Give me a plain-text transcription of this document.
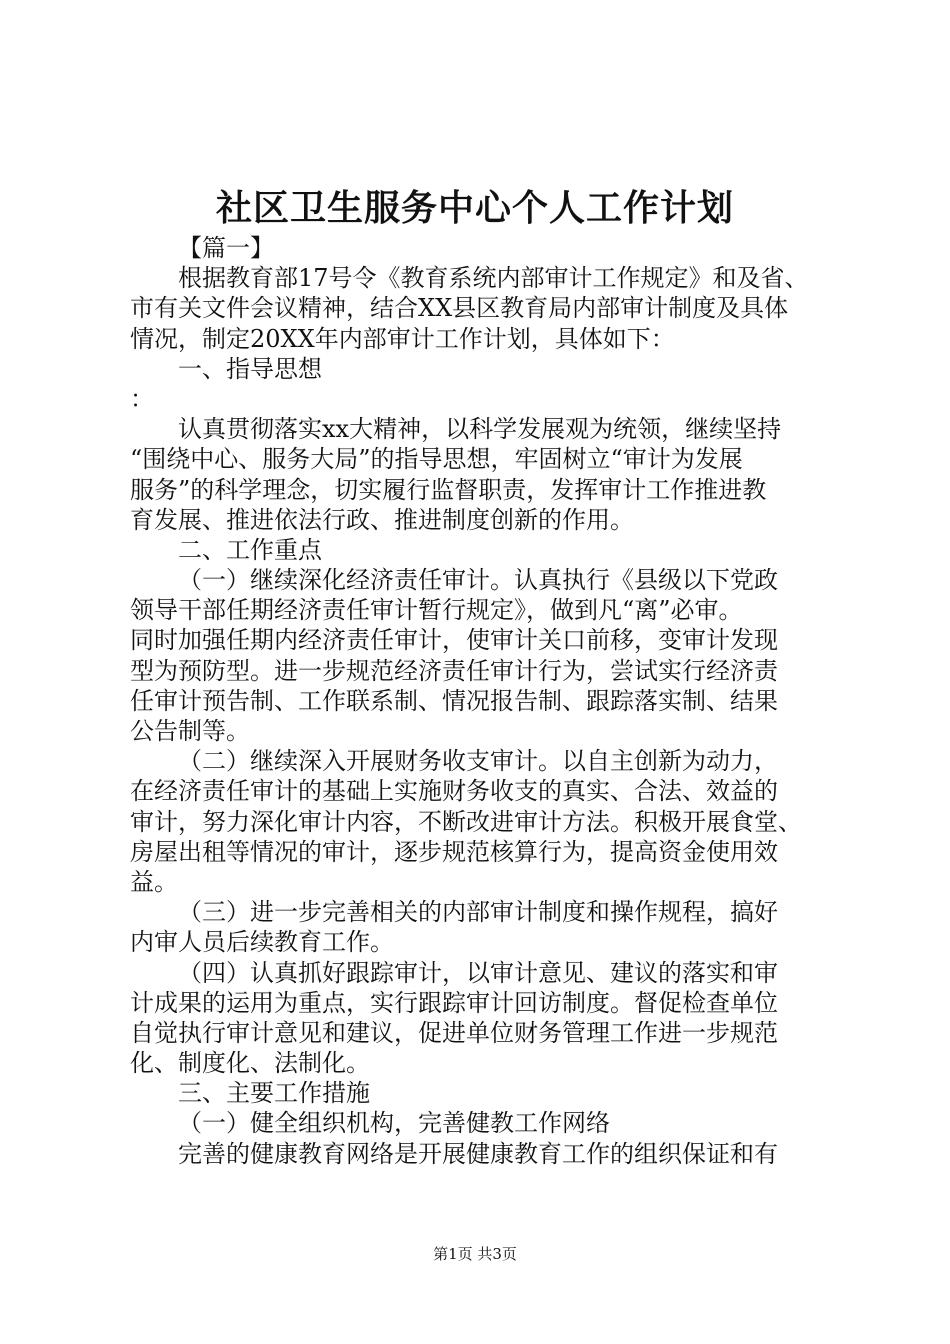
社区卫生服务中心个人工作计划
【篇一】
根据教育部17号令《教育系统内部审计工作规定》和及省、
市有关文件会议精神，结合XX县区教育局内部审计制度及具体
情况，制定20XX年内部审计工作计划，具体如下：
一、指导思想
：
认真贯彻落实xx大精神，以科学发展观为统领，继续坚持
“围绕中心、服务大局”的指导思想，牢固树立“审计为发展
服务”的科学理念，切实履行监督职责，发挥审计工作推进教
育发展、推进依法行政、推进制度创新的作用。
二、工作重点
（一）继续深化经济责任审计。认真执行《县级以下党政
领导干部任期经济责任审计暂行规定》，做到凡“离”必审。
同时加强任期内经济责任审计，使审计关口前移，变审计发现
型为预防型。进一步规范经济责任审计行为，尝试实行经济责
任审计预告制、工作联系制、情况报告制、跟踪落实制、结果
公告制等。
（二）继续深入开展财务收支审计。以自主创新为动力，
在经济责任审计的基础上实施财务收支的真实、合法、效益的
审计，努力深化审计内容，不断改进审计方法。积极开展食堂、
房屋出租等情况的审计，逐步规范核算行为，提高资金使用效
益。
（三）进一步完善相关的内部审计制度和操作规程，搞好
内审人员后续教育工作。
（四）认真抓好跟踪审计，以审计意见、建议的落实和审
计成果的运用为重点，实行跟踪审计回访制度。督促检查单位
自觉执行审计意见和建议，促进单位财务管理工作进一步规范
化、制度化、法制化。
三、主要工作措施
（一）健全组织机构，完善健教工作网络
完善的健康教育网络是开展健康教育工作的组织保证和有
第1页 共3页
